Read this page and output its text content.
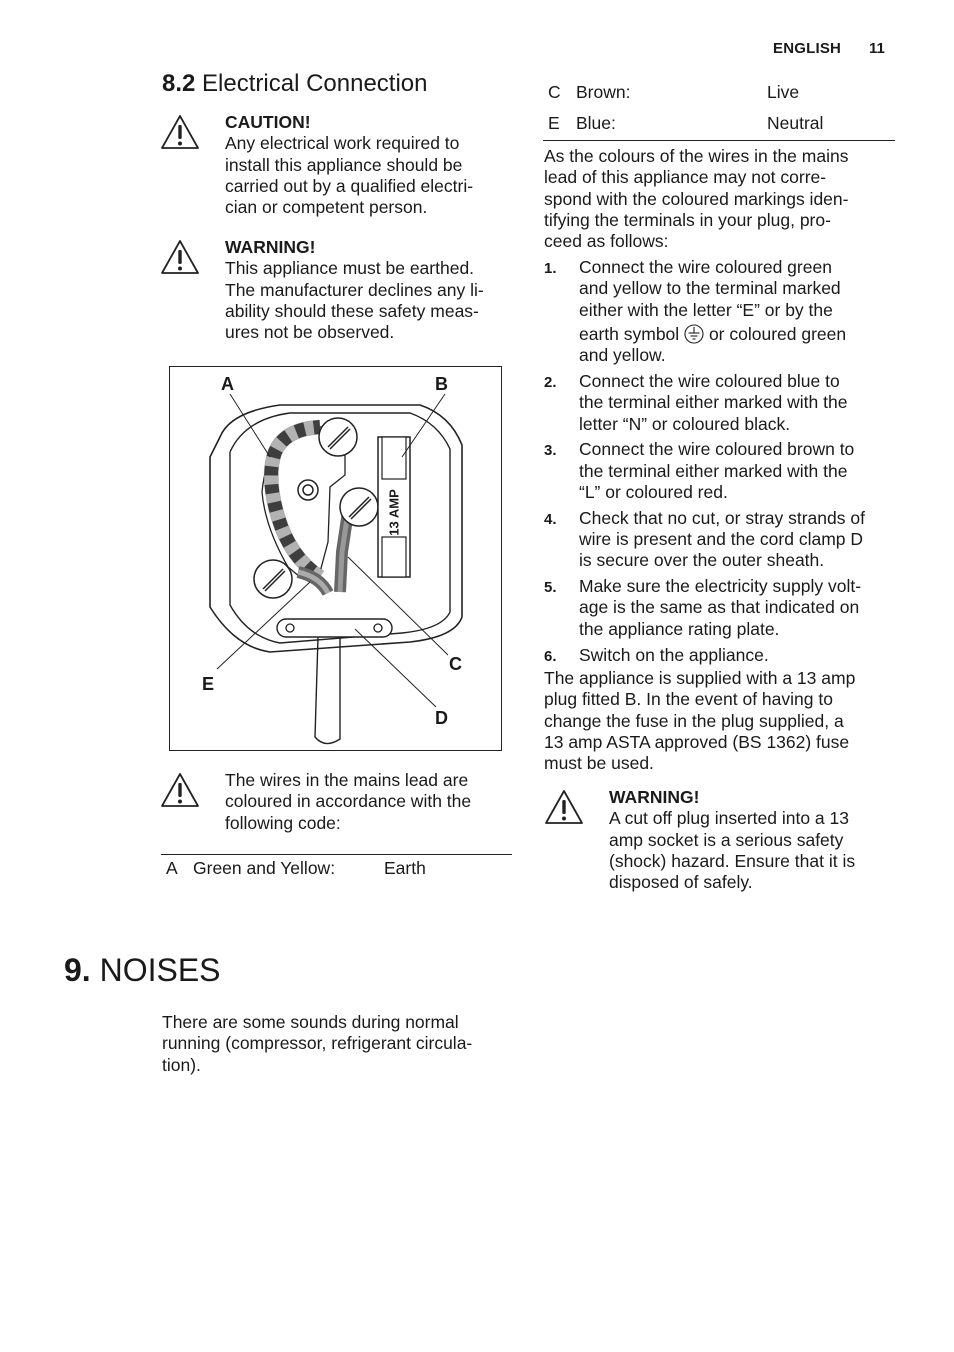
ENGLISH 11
8.2 Electrical Connection
CAUTION!
Any electrical work required to
install this appliance should be
carried out by a qualified electri-
cian or competent person.
WARNING!
This appliance must be earthed.
The manufacturer declines any li-
ability should these safety meas-
ures not be observed.
A	B
C
D
E
13 AMP
The wires in the mains lead are
coloured in accordance with the
following code:
A Green and Yellow:	Earth
C Brown:	Live
E Blue:	Neutral
As the colours of the wires in the mains
lead of this appliance may not corre-
spond with the coloured markings iden-
tifying the terminals in your plug, pro-
ceed as follows:
1. Connect the wire coloured green
and yellow to the terminal marked
either with the letter “E” or by the
earth symbol or coloured green
and yellow.
2. Connect the wire coloured blue to
the terminal either marked with the
letter “N” or coloured black.
3. Connect the wire coloured brown to
the terminal either marked with the
“L” or coloured red.
4. Check that no cut, or stray strands of
wire is present and the cord clamp D
is secure over the outer sheath.
5. Make sure the electricity supply volt-
age is the same as that indicated on
the appliance rating plate.
6. Switch on the appliance.
The appliance is supplied with a 13 amp
plug fitted B. In the event of having to
change the fuse in the plug supplied, a
13 amp ASTA approved (BS 1362) fuse
must be used.
WARNING!
A cut off plug inserted into a 13
amp socket is a serious safety
(shock) hazard. Ensure that it is
disposed of safely.
9. NOISES
There are some sounds during normal
running (compressor, refrigerant circula-
tion).
